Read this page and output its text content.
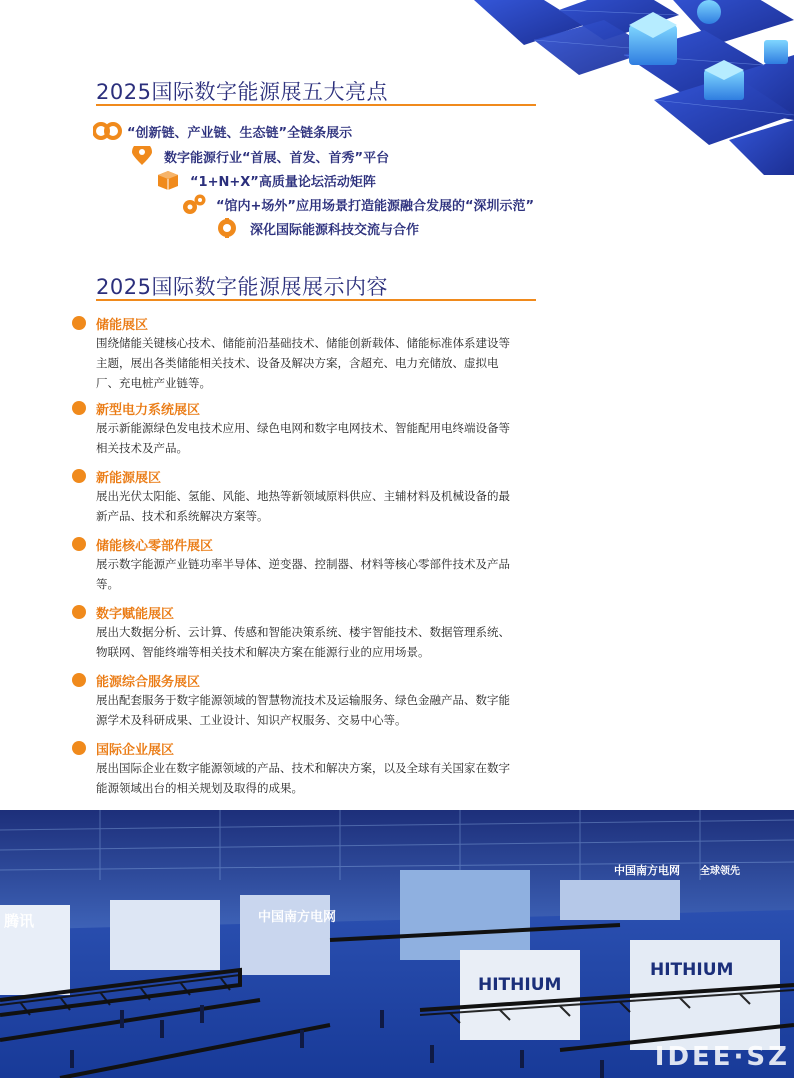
2025国际数字能源展五大亮点
“创新链、产业链、生态链”全链条展示
数字能源行业“首展、首发、首秀”平台
“1+N+X”高质量论坛活动矩阵
“馆内+场外”应用场景打造能源融合发展的“深圳示范”
深化国际能源科技交流与合作
2025国际数字能源展展示内容
储能展区
围绕储能关键核心技术、储能前沿基础技术、储能创新载体、储能标准体系建设等
主题，展出各类储能相关技术、设备及解决方案，含超充、电力充储放、虚拟电
厂、充电桩产业链等。
新型电力系统展区
展示新能源绿色发电技术应用、绿色电网和数字电网技术、智能配用电终端设备等
相关技术及产品。
新能源展区
展出光伏太阳能、氢能、风能、地热等新领域原料供应、主辅材料及机械设备的最
新产品、技术和系统解决方案等。
储能核心零部件展区
展示数字能源产业链功率半导体、逆变器、控制器、材料等核心零部件技术及产品
等。
数字赋能展区
展出大数据分析、云计算、传感和智能决策系统、楼宇智能技术、数据管理系统、
物联网、智能终端等相关技术和解决方案在能源行业的应用场景。
能源综合服务展区
展出配套服务于数字能源领域的智慧物流技术及运输服务、绿色金融产品、数字能
源学术及科研成果、工业设计、知识产权服务、交易中心等。
国际企业展区
展出国际企业在数字能源领域的产品、技术和解决方案，以及全球有关国家在数字
能源领域出台的相关规划及取得的成果。
腾讯	中国南方电网
中国南方电网
HITHIUM
HITHIUM
全球领先
IDEE·SZ
